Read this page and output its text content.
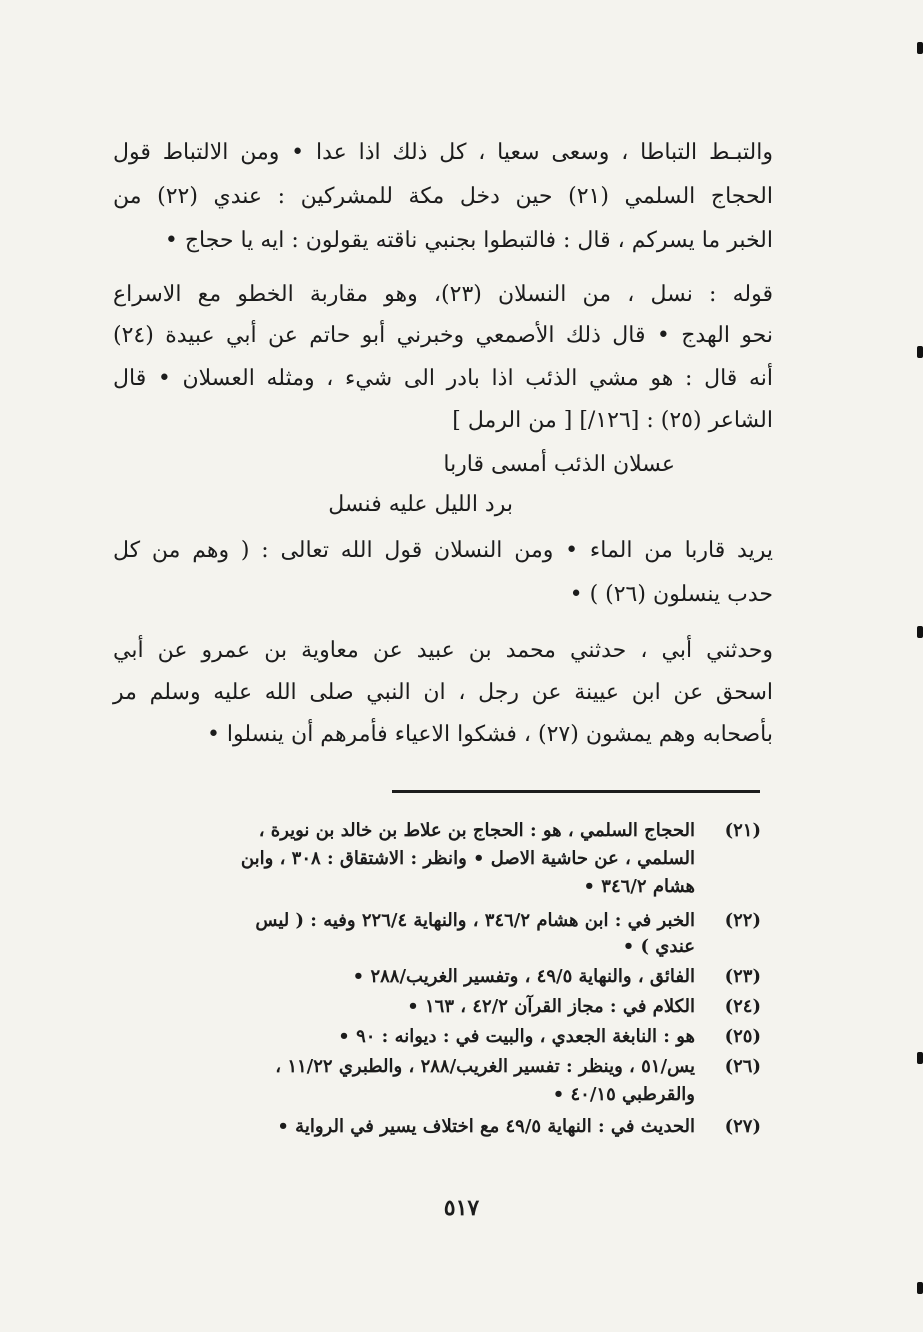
والتبـط التباطا ، وسعى سعيا ، كل ذلك اذا عدا • ومن الالتباط قول
الحجاج السلمي (٢١) حين دخل مكة للمشركين : عندي (٢٢) من
الخبر ما يسركم ، قال : فالتبطوا بجنبي ناقته يقولون : ايه يا حجاج •
قوله : نسل ، من النسلان (٢٣)، وهو مقاربة الخطو مع الاسراع
نحو الهدج • قال ذلك الأصمعي وخبرني أبو حاتم عن أبي عبيدة (٢٤)
أنه قال : هو مشي الذئب اذا بادر الى شيء ، ومثله العسلان • قال
الشاعر (٢٥) : [١٢٦/] [ من الرمل ]
عسلان الذئب أمسى قاربا
برد الليل عليه فنسل
يريد قاربا من الماء • ومن النسلان قول الله تعالى : ( وهم من كل
حدب ينسلون (٢٦) ) •
وحدثني أبي ، حدثني محمد بن عبيد عن معاوية بن عمرو عن أبي
اسحق عن ابن عيينة عن رجل ، ان النبي صلى الله عليه وسلم مر
بأصحابه وهم يمشون (٢٧) ، فشكوا الاعياء فأمرهم أن ينسلوا •
(٢١)
الحجاج السلمي ، هو : الحجاج بن علاط بن خالد بن نويرة ،
السلمي ، عن حاشية الاصل • وانظر : الاشتقاق : ٣٠٨ ، وابن
هشام ٣٤٦/٢ •
(٢٢)
الخبر في : ابن هشام ٣٤٦/٢ ، والنهاية ٢٢٦/٤ وفيه : ( ليس
عندي ) •
(٢٣)
الفائق ، والنهاية ٤٩/٥ ، وتفسير الغريب/٢٨٨ •
(٢٤)
الكلام في : مجاز القرآن ٤٢/٢ ، ١٦٣ •
(٢٥)
هو : النابغة الجعدي ، والبيت في : ديوانه : ٩٠ •
(٢٦)
يس/٥١ ، وينظر : تفسير الغريب/٢٨٨ ، والطبري ١١/٢٢ ،
والقرطبي ٤٠/١٥ •
(٢٧)
الحديث في : النهاية ٤٩/٥ مع اختلاف يسير في الرواية •
٥١٧
